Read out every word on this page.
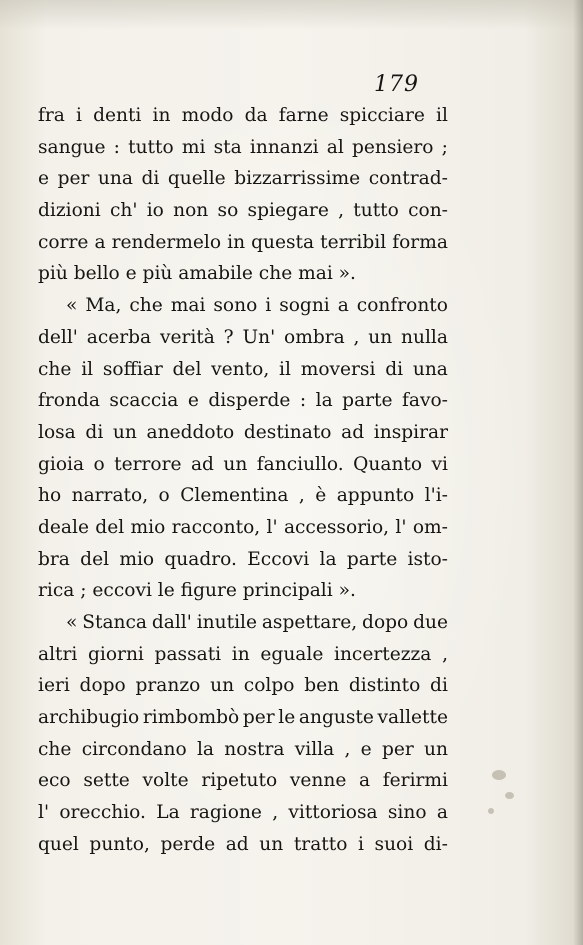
179
fra i denti in modo da farne spicciare il
sangue : tutto mi sta innanzi al pensiero ;
e per una di quelle bizzarrissime contrad-
dizioni ch' io non so spiegare , tutto con-
corre a rendermelo in questa terribil forma
più bello e più amabile che mai ».
« Ma, che mai sono i sogni a confronto
dell' acerba verità ? Un' ombra , un nulla
che il soffiar del vento, il moversi di una
fronda scaccia e disperde : la parte favo-
losa di un aneddoto destinato ad inspirar
gioia o terrore ad un fanciullo. Quanto vi
ho narrato, o Clementina , è appunto l'i-
deale del mio racconto, l' accessorio, l' om-
bra del mio quadro. Eccovi la parte isto-
rica ; eccovi le figure principali ».
« Stanca dall' inutile aspettare, dopo due
altri giorni passati in eguale incertezza ,
ieri dopo pranzo un colpo ben distinto di
archibugio rimbombò per le anguste vallette
che circondano la nostra villa , e per un
eco sette volte ripetuto venne a ferirmi
l' orecchio. La ragione , vittoriosa sino a
quel punto, perde ad un tratto i suoi di-
